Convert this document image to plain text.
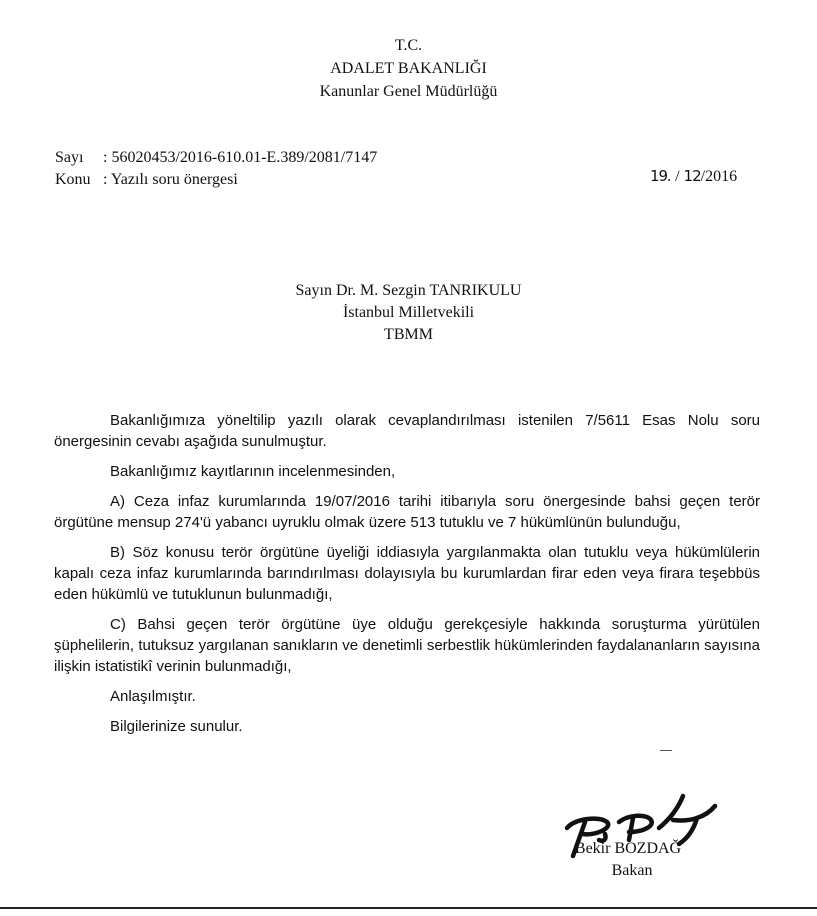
T.C.
ADALET BAKANLIĞI
Kanunlar Genel Müdürlüğü
Sayı : 56020453/2016-610.01-E.389/2081/7147
Konu : Yazılı soru önergesi	19. / 12/2016
Sayın Dr. M. Sezgin TANRIKULU
İstanbul Milletvekili
TBMM

Bakanlığımıza yöneltilip yazılı olarak cevaplandırılması istenilen 7/5611 Esas Nolu soru önergesinin cevabı aşağıda sunulmuştur.

Bakanlığımız kayıtlarının incelenmesinden,

A) Ceza infaz kurumlarında 19/07/2016 tarihi itibarıyla soru önergesinde bahsi geçen terör örgütüne mensup 274'ü yabancı uyruklu olmak üzere 513 tutuklu ve 7 hükümlünün bulunduğu,

B) Söz konusu terör örgütüne üyeliği iddiasıyla yargılanmakta olan tutuklu veya hükümlülerin kapalı ceza infaz kurumlarında barındırılması dolayısıyla bu kurumlardan firar eden veya firara teşebbüs eden hükümlü ve tutuklunun bulunmadığı,

C) Bahsi geçen terör örgütüne üye olduğu gerekçesiyle hakkında soruşturma yürütülen şüphelilerin, tutuksuz yargılanan sanıkların ve denetimli serbestlik hükümlerinden faydalananların sayısına ilişkin istatistikî verinin bulunmadığı,

Anlaşılmıştır.

Bilgilerinize sunulur.

Bekir BOZDAĞ
Bakan
